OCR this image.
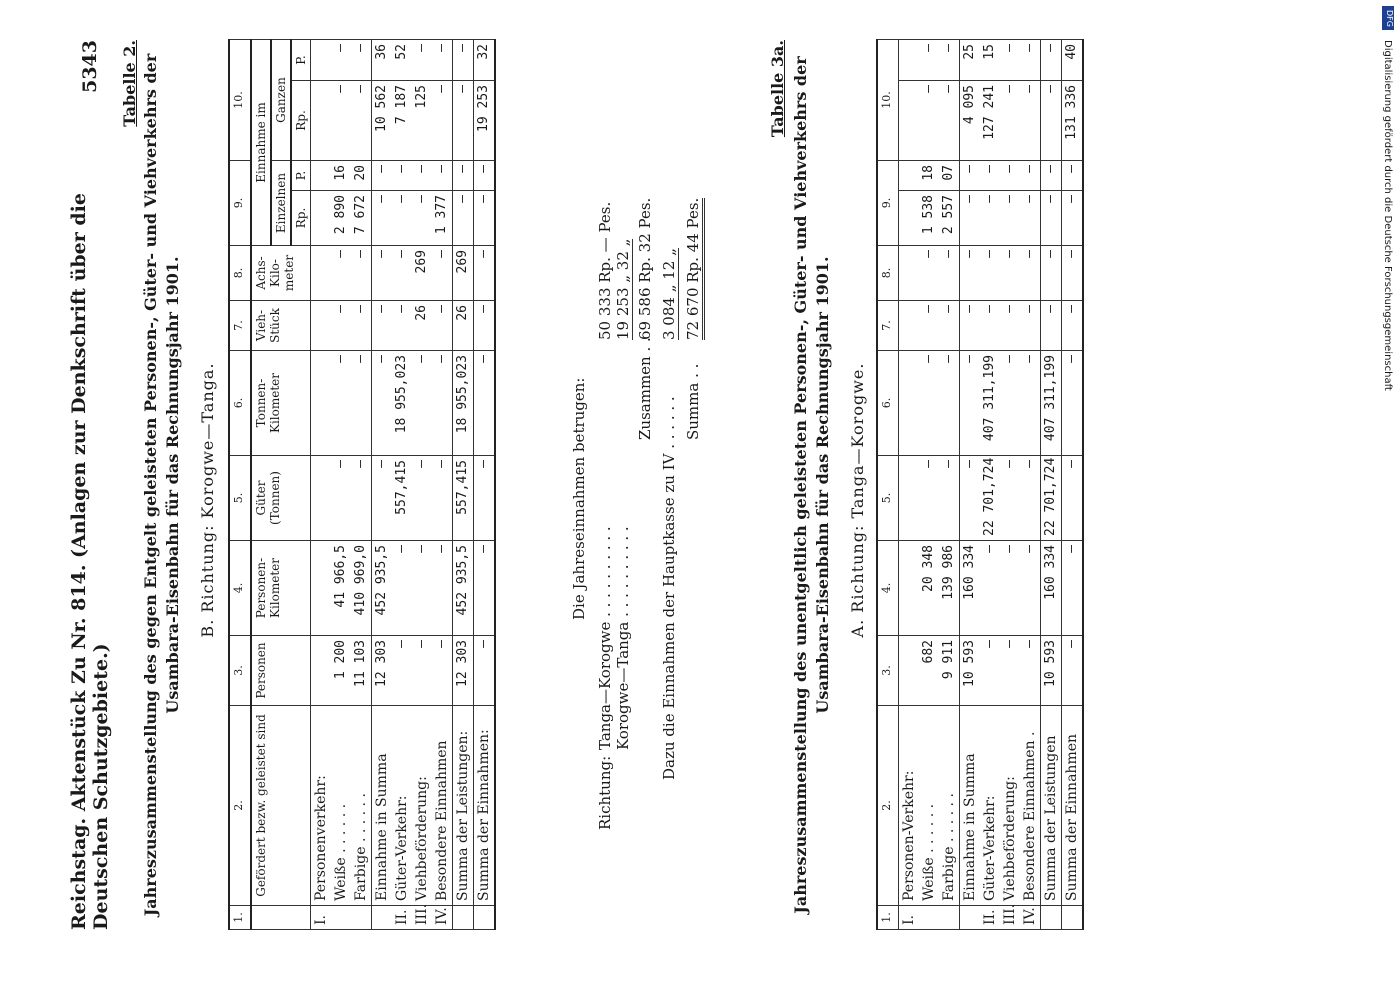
Reichstag. Aktenstück Zu Nr. 814. (Anlagen zur Denkschrift über die Deutschen Schutzgebiete.)
5343 Tabelle 2. Jahreszusammenstellung des gegen Entgelt geleisteten Personen-, Güter- und Viehverkehrs der Usambara-Eisenbahn für das Rechnungsjahr 1901. B. Richtung: Korogwe—Tanga.
1.	2.	3.	4.	5.	6.	7.	8.	9.		10.	
	Gefördert bezw. geleistet sind	Personen	Personen-Kilometer	Güter (Tonnen)	Tonnen-Kilometer	Vieh-Stück	Achs-Kilo-meter	Einnahme im			
								Einzelnen		Ganzen	
								Rp.	P.	Rp.	P.
I.	Personenverkehr:										
	Weiße . . . . . .	1 200	41 966,5	—	—	—	—	2 890	16	—	—
	Farbige . . . . . .	11 103	410 969,0	—	—	—	—	7 672	20	—	—
	Einnahme in Summa	12 303	452 935,5	—	—	—	—	—	—	10 562	36
II.	Güter-Verkehr:	—	—	557,415	18 955,023	—	—	—	—	7 187	52
III.	Viehbeförderung:	—	—	—	—	26	269	—	—	125	—
IV.	Besondere Einnahmen	—	—	—	—	—	—	1 377	—	—	—
	Summa der Leistungen:	12 303	452 935,5	557,415	18 955,023	26	269	—	—	—	—
	Summa der Einnahmen:	—	—	—	—	—	—	—	—	19 253	32
Die Jahreseinnahmen betrugen:
Richtung:
Tanga—Korogwe . . . . . . . . . .
50 333 Rp. — Pes.
Korogwe—Tanga . . . . . . . . . .
19 253 „ 32 „
Zusammen . .
69 586 Rp. 32 Pes.
Dazu die Einnahmen der Hauptkasse zu IV . . . . . .
3 084 „ 12 „
Summa . .
72 670 Rp. 44 Pes.
Tabelle 3a. Jahreszusammenstellung des unentgeltlich geleisteten Personen-, Güter- und Viehverkehrs der Usambara-Eisenbahn für das Rechnungsjahr 1901. A. Richtung: Tanga—Korogwe.
1.	2.	3.	4.	5.	6.	7.	8.	9.		10.	
I.	Personen-Verkehr:										
	Weiße . . . . . .	682	20 348	—	—	—	—	1 538	18	—	—
	Farbige . . . . . .	9 911	139 986	—	—	—	—	2 557	07	—	—
	Einnahme in Summa	10 593	160 334	—	—	—	—	—	—	4 095	25
II.	Güter-Verkehr:	—	—	22 701,724	407 311,199	—	—	—	—	127 241	15
III.	Viehbeförderung:	—	—	—	—	—	—	—	—	—	—
IV.	Besondere Einnahmen .	—	—	—	—	—	—	—	—	—	—
	Summa der Leistungen	10 593	160 334	22 701,724	407 311,199	—	—	—	—	—	—
	Summa der Einnahmen	—	—	—	—	—	—	—	—	131 336	40
DFG
Digitalisierung gefördert durch die Deutsche Forschungsgemeinschaft
